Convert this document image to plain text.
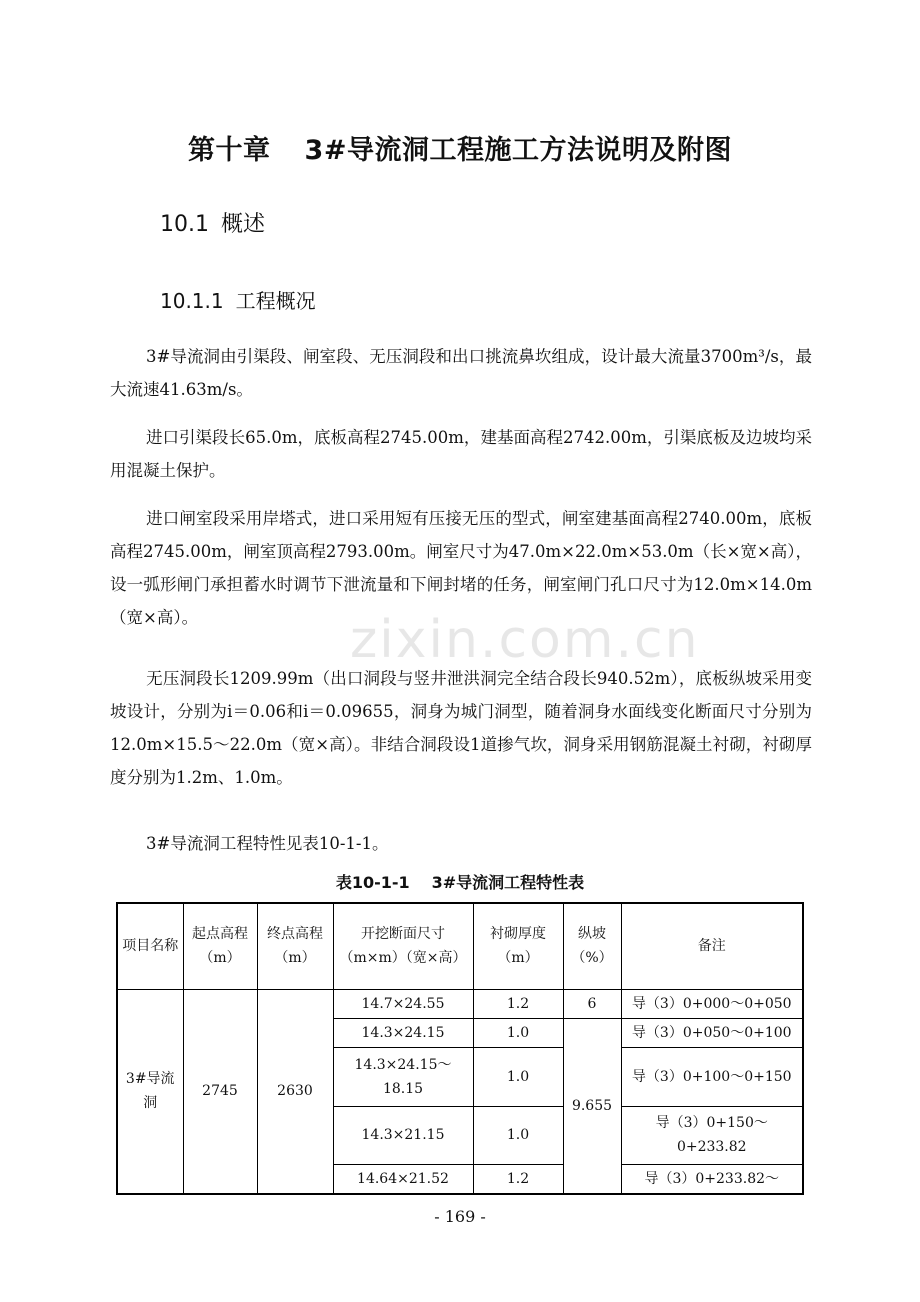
zixin.com.cn
第十章 3#导流洞工程施工方法说明及附图
10.1 概述
10.1.1 工程概况
3#导流洞由引渠段、闸室段、无压洞段和出口挑流鼻坎组成，设计最大流量3700m³/s，最大流速41.63m/s。
进口引渠段长65.0m，底板高程2745.00m，建基面高程2742.00m，引渠底板及边坡均采用混凝土保护。
进口闸室段采用岸塔式，进口采用短有压接无压的型式，闸室建基面高程2740.00m，底板高程2745.00m，闸室顶高程2793.00m。闸室尺寸为47.0m×22.0m×53.0m（长×宽×高），设一弧形闸门承担蓄水时调节下泄流量和下闸封堵的任务，闸室闸门孔口尺寸为12.0m×14.0m（宽×高）。
无压洞段长1209.99m（出口洞段与竖井泄洪洞完全结合段长940.52m），底板纵坡采用变坡设计，分别为i＝0.06和i＝0.09655，洞身为城门洞型，随着洞身水面线变化断面尺寸分别为12.0m×15.5～22.0m（宽×高）。非结合洞段设1道掺气坎，洞身采用钢筋混凝土衬砌，衬砌厚度分别为1.2m、1.0m。
3#导流洞工程特性见表10-1-1。
表10-1-1 3#导流洞工程特性表
项目名称	起点高程（m）	终点高程（m）	开挖断面尺寸（m×m）（宽×高）	衬砌厚度（m）	纵坡（%）	备注
3#导流洞	2745	2630	14.7×24.55	1.2	6	导（3）0+000～0+050
			14.3×24.15	1.0	9.655	导（3）0+050～0+100
			14.3×24.15～18.15	1.0		导（3）0+100～0+150
			14.3×21.15	1.0		导（3）0+150～0+233.82
			14.64×21.52	1.2		导（3）0+233.82～
- 169 -
